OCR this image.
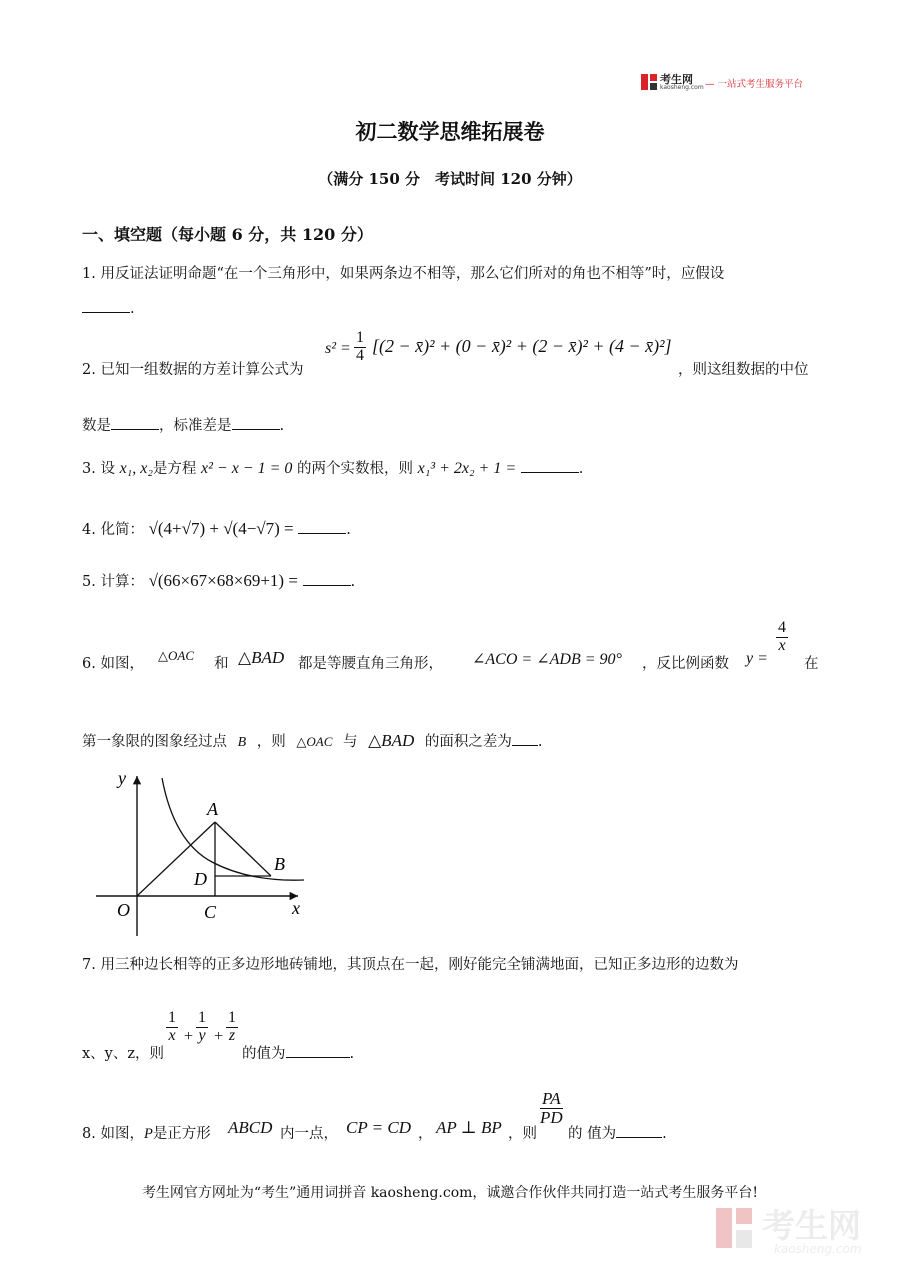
考生网
kaosheng.com — 一站式考生服务平台
初二数学思维拓展卷
（满分 150 分　考试时间 120 分钟）
一、填空题（每小题 6 分，共 120 分）
1. 用反证法证明命题“在一个三角形中，如果两条边不相等，那么它们所对的角也不相等”时，应假设
.
2. 已知一组数据的方差计算公式为
$s^2 = \frac{1}{4} [(2$ − x̄)² + (0 − x̄)² + (2 − x̄)² + (4 − x̄)²]
，则这组数据的中位
数是	，标准差是	.
3. 设 x₁, x₂是方程 x² − x − 1 = 0 的两个实数根，则 x₁³ + 2x₂ + 1 =	.
4. 化简： √(4+√7) + √(4−√7) =	.
5. 计算： √(66×67×68×69+1) =	.
6. 如图，
△OAC
和 △BAD 都是等腰直角三角形， ∠ACO = ∠ADB = 90° ，反比例函数 y =
$\frac{4}{x}$
在
第一象限的图象经过点 B ，则 △OAC 与 △BAD 的面积之差为 .
y
x
O
A
B
C
D
7. 用三种边长相等的正多边形地砖铺地，其顶点在一起，刚好能完全铺满地面，已知正多边形的边数为
x、y、z，则
$\frac{1}{x} + \frac{1}{y} + \frac{1}{z}$
的值为	.
8. 如图，P是正方形 ABCD 内一点， CP = CD ， AP ⊥ BP ，则
$\frac{PA}{PD}$
的 值为	.
考生网官方网址为“考生”通用词拼音 kaosheng.com，诚邀合作伙伴共同打造一站式考生服务平台!
考生网
kaosheng.com
